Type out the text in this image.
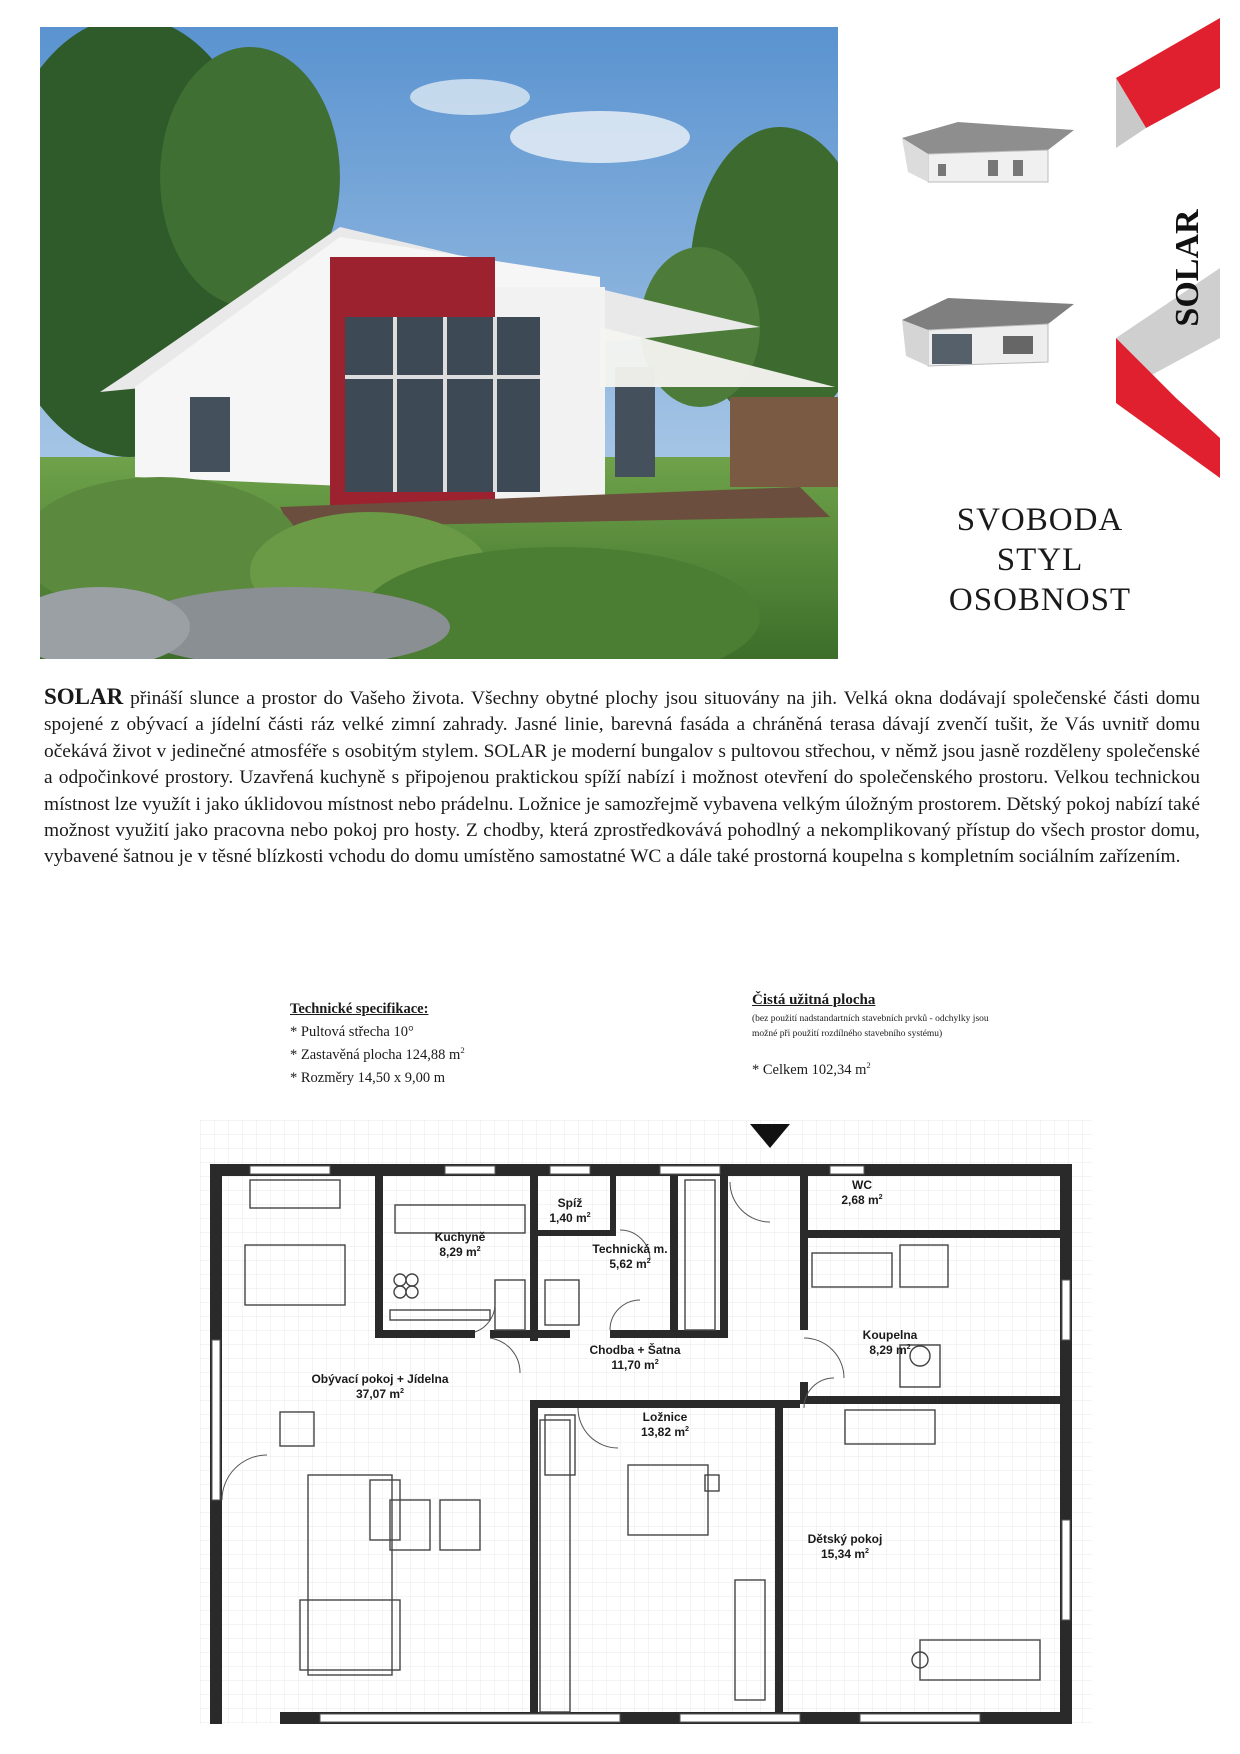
SOLAR
SVOBODA
STYL
OSOBNOST
SOLAR přináší slunce a prostor do Vašeho života. Všechny obytné plochy jsou situovány na jih. Velká okna dodávají společenské části domu spojené z obývací a jídelní části ráz velké zimní zahrady. Jasné linie, barevná fasáda a chráněná terasa dávají zvenčí tušit, že Vás uvnitř domu očekává život v jedinečné atmosféře s osobitým stylem. SOLAR je moderní bungalov s pultovou střechou, v němž jsou jasně rozděleny společenské a odpočinkové prostory. Uzavřená kuchyně s připojenou praktickou spíží nabízí i možnost otevření do společenského prostoru. Velkou technickou místnost lze využít i jako úklidovou místnost nebo prádelnu. Ložnice je samozřejmě vybavena velkým úložným prostorem. Dětský pokoj nabízí také možnost využití jako pracovna nebo pokoj pro hosty. Z chodby, která zprostředkovává pohodlný a nekomplikovaný přístup do všech prostor domu, vybavené šatnou je v těsné blízkosti vchodu do domu umístěno samostatné WC a dále také prostorná koupelna s kompletním sociálním zařízením.
Technické specifikace:
* Pultová střecha 10°
* Zastavěná plocha 124,88 $m^2$
* Rozměry 14,50 x 9,00 m
Čistá užitná plocha
(bez použití nadstandartních stavebních prvků - odchylky jsou možné při použití rozdílného stavebního systému)
* Celkem 102,34 $m^2$
WC
2,68 $m^2$
Spíž
1,40 $m^2$
Kuchyně
8,29 $m^2$	Technická m.
5,62 $m^2$
Koupelna
8,29 $m^2$
Chodba + Šatna
11,70 $m^2$
Obývací pokoj + Jídelna
37,07 $m^2$
Ložnice
13,82 $m^2$
Dětský pokoj
15,34 $m^2$
